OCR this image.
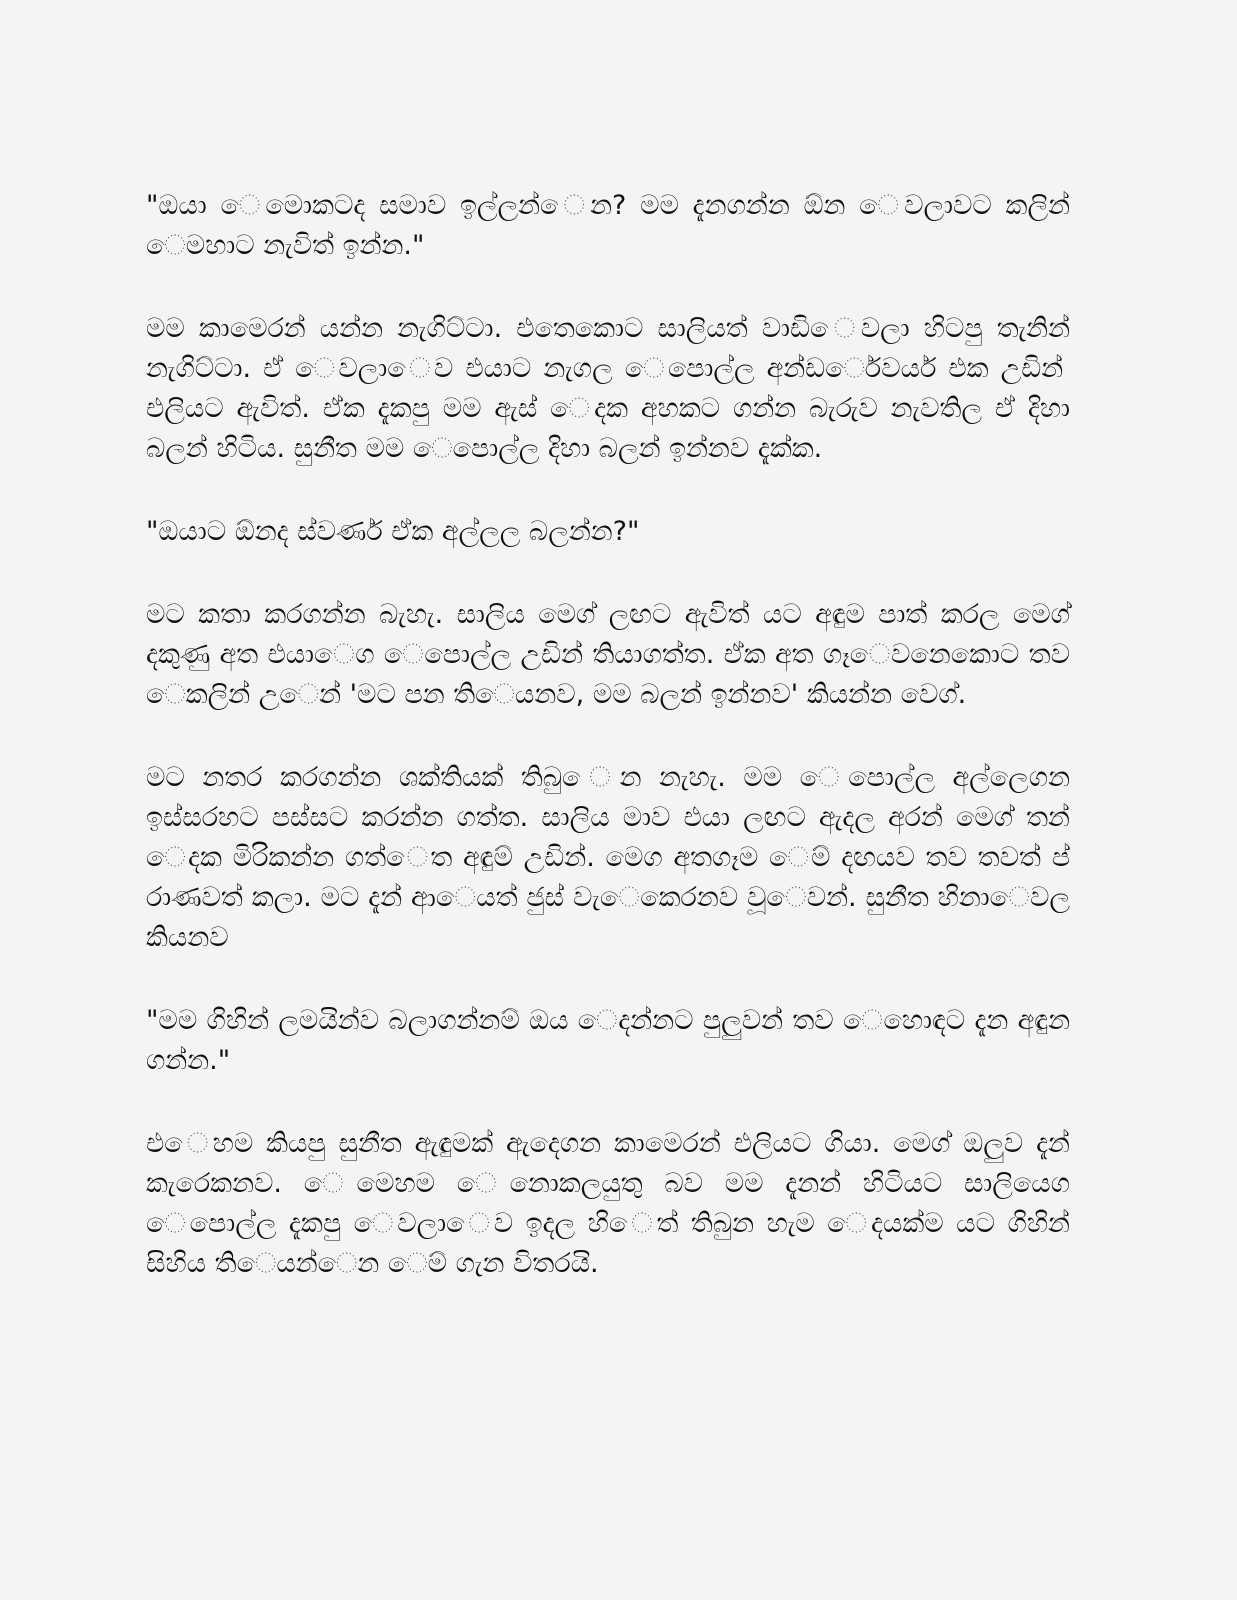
"ඔයා ◌ෙමොකටද සමාව ඉල්ලන්◌ෙන? මම දැනගන්න ඕන ◌ෙවලාවට කලින් ◌ෙමහාට නැවිත් ඉන්න."

මම කාමෙරන් යන්න නැගිට්ටා. එතෙකොට සාලියත් වාඩි◌ෙවලා හිටපු තැනින් නැගිට්ටා. ඒ ◌ෙවලා◌ෙව එයාට නැගල ◌ෙපොල්ල අන්ඩර්◌ෙවයර් එක උඩින් එලියට ඇවිත්. ඒක දැකපු මම ඇස් ◌ෙදක අහකට ගන්න බැරුව නැවතිල ඒ දිහා බලන් හිටිය. සුනීත මම ◌ෙපොල්ල දිහා බලන් ඉන්නව දැක්ක.

"ඔයාට ඕනද ස්වර්ණ ඒක අල්ලල බලන්න?"

මට කතා කරගන්න බැහැ. සාලිය මෙග් ලඟට ඇවිත් යට අඳුම පාත් කරල මෙග් දකුණු අත එයා◌ෙග ◌ෙපොල්ල උඩින් තියාගත්ත. ඒක අත ගෑ◌ෙවනෙකොට තව ◌ෙකලින් උ◌ෙන් 'මට පන ති◌ෙයනව, මම බලන් ඉන්නව' කියන්න වෙග්.

මට නතර කරගන්න ශක්තියක් තිබු◌ෙන නැහැ. මම ◌ෙපොල්ල අල්ලෙගන ඉස්සරහට පස්සට කරන්න ගත්ත. සාලිය මාව එයා ලඟට ඇදල අරන් මෙග් තන් ◌ෙදක මිරිකන්න ගත්◌ෙත අඳුම් උඩින්. මෙග අතගෑම ◌ෙම් දඟයව තව තවත් ප් රාණවත් කලා. මට දැන් ආ◌ෙයත් ජුස් වැ◌ෙකෙරනව වූ◌ෙවන්. සුනීත හිනා◌ෙවල කියනව

"මම ගිහින් ලමයින්ව බලාගන්නම් ඔය ◌ෙදන්නට පුලුවන් තව ◌ෙහොඳට දැන අඳුන ගන්න."

එ◌ෙහම කියපු සුනීත ඇඳුමක් ඇදෙගන කාමෙරන් එලියට ගියා. මෙග් ඔලුව දැන් කැරෙකනව. ◌ෙමෙහම ◌ෙනොකලයුතු බව මම දැනන් හිටියට සාලියෙග ◌ෙපොල්ල දැකපු ◌ෙවලා◌ෙව ඉදල හි◌ෙත් තිබුන හැම ◌ෙදයක්ම යට ගිහින් සිහිය ති◌ෙයන්◌ෙන ◌ෙම් ගැන විතරයි.
